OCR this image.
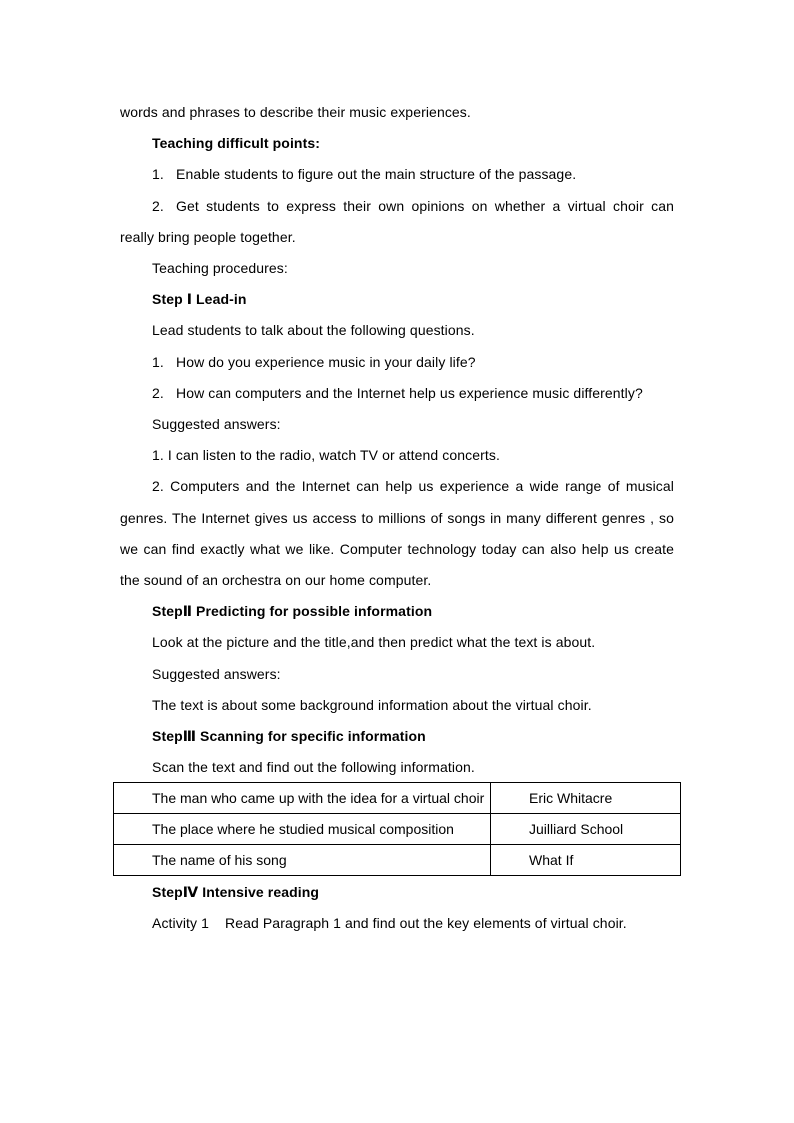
words and phrases to describe their music experiences.
Teaching difficult points:
1. Enable students to figure out the main structure of the passage.
2. Get students to express their own opinions on whether a virtual choir can
really bring people together.
Teaching procedures:
Step Ⅰ Lead-in
Lead students to talk about the following questions.
1. How do you experience music in your daily life?
2. How can computers and the Internet help us experience music differently?
Suggested answers:
1. I can listen to the radio, watch TV or attend concerts.
2. Computers and the Internet can help us experience a wide range of musical
genres. The Internet gives us access to millions of songs in many different genres , so
we can find exactly what we like. Computer technology today can also help us create
the sound of an orchestra on our home computer.
StepⅡ Predicting for possible information
Look at the picture and the title,and then predict what the text is about.
Suggested answers:
The text is about some background information about the virtual choir.
StepⅢ Scanning for specific information
Scan the text and find out the following information.
The man who came up with the idea for a virtual choir	Eric Whitacre
The place where he studied musical composition	Juilliard School
The name of his song	What If
StepⅣ Intensive reading
Activity 1 Read Paragraph 1 and find out the key elements of virtual choir.
